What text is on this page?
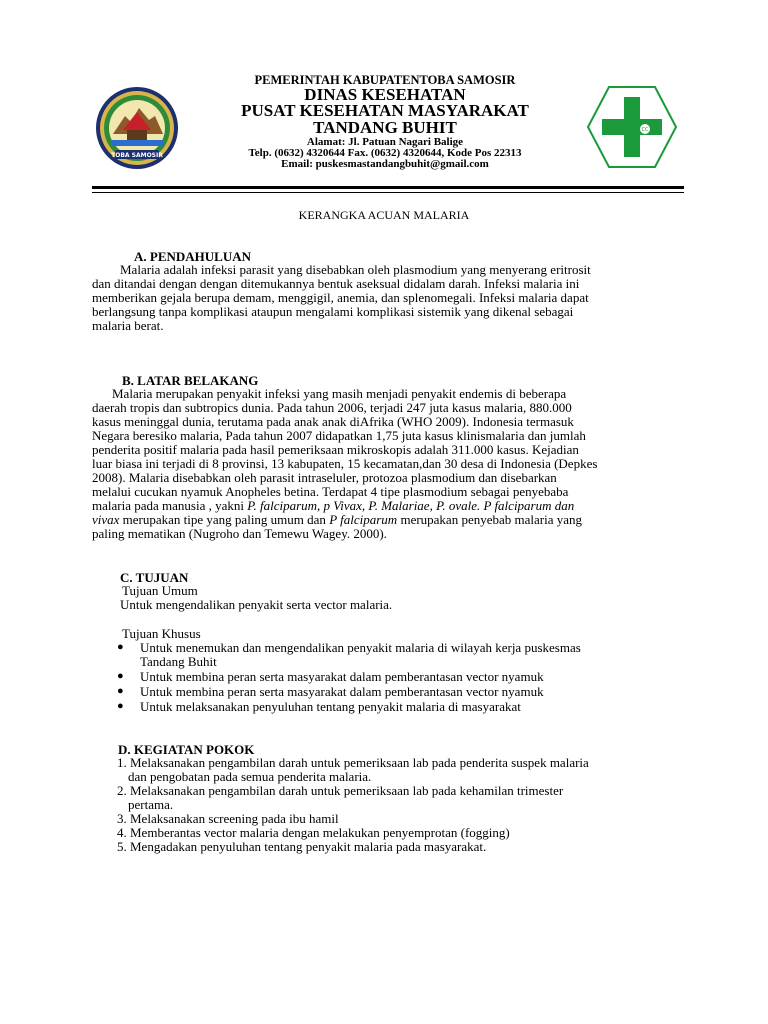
TOBA SAMOSIR
CC
PEMERINTAH KABUPATENTOBA SAMOSIR
DINAS KESEHATAN
PUSAT KESEHATAN MASYARAKAT
TANDANG BUHIT
Alamat: Jl. Patuan Nagari Balige
Telp. (0632) 4320644 Fax. (0632) 4320644, Kode Pos 22313
Email: puskesmastandangbuhit@gmail.com
KERANGKA ACUAN MALARIA
A. PENDAHULUAN
Malaria adalah infeksi parasit yang disebabkan oleh plasmodium yang menyerang eritrosit
dan ditandai dengan dengan ditemukannya bentuk aseksual didalam darah. Infeksi malaria ini
memberikan gejala berupa demam, menggigil, anemia, dan splenomegali. Infeksi malaria dapat
berlangsung tanpa komplikasi ataupun mengalami komplikasi sistemik yang dikenal sebagai
malaria berat.
B. LATAR BELAKANG
Malaria merupakan penyakit infeksi yang masih menjadi penyakit endemis di beberapa
daerah tropis dan subtropics dunia. Pada tahun 2006, terjadi 247 juta kasus malaria, 880.000
kasus meninggal dunia, terutama pada anak anak diAfrika (WHO 2009). Indonesia termasuk
Negara beresiko malaria, Pada tahun 2007 didapatkan 1,75 juta kasus klinismalaria dan jumlah
penderita positif malaria pada hasil pemeriksaan mikroskopis adalah 311.000 kasus. Kejadian
luar biasa ini terjadi di 8 provinsi, 13 kabupaten, 15 kecamatan,dan 30 desa di Indonesia (Depkes
2008). Malaria disebabkan oleh parasit intraseluler, protozoa plasmodium dan disebarkan
melalui cucukan nyamuk Anopheles betina. Terdapat 4 tipe plasmodium sebagai penyebaba
malaria pada manusia , yakni P. falciparum, p Vivax, P. Malariae, P. ovale. P falciparum dan
vivax merupakan tipe yang paling umum dan P falciparum merupakan penyebab malaria yang
paling mematikan (Nugroho dan Temewu Wagey. 2000).
C. TUJUAN
Tujuan Umum
Untuk mengendalikan penyakit serta vector malaria.
Tujuan Khusus
● Untuk menemukan dan mengendalikan penyakit malaria di wilayah kerja puskesmas
Tandang Buhit
● Untuk membina peran serta masyarakat dalam pemberantasan vector nyamuk
● Untuk membina peran serta masyarakat dalam pemberantasan vector nyamuk
● Untuk melaksanakan penyuluhan tentang penyakit malaria di masyarakat
D. KEGIATAN POKOK
1. Melaksanakan pengambilan darah untuk pemeriksaan lab pada penderita suspek malaria
dan pengobatan pada semua penderita malaria.
2. Melaksanakan pengambilan darah untuk pemeriksaan lab pada kehamilan trimester
pertama.
3. Melaksanakan screening pada ibu hamil
4. Memberantas vector malaria dengan melakukan penyemprotan (fogging)
5. Mengadakan penyuluhan tentang penyakit malaria pada masyarakat.
